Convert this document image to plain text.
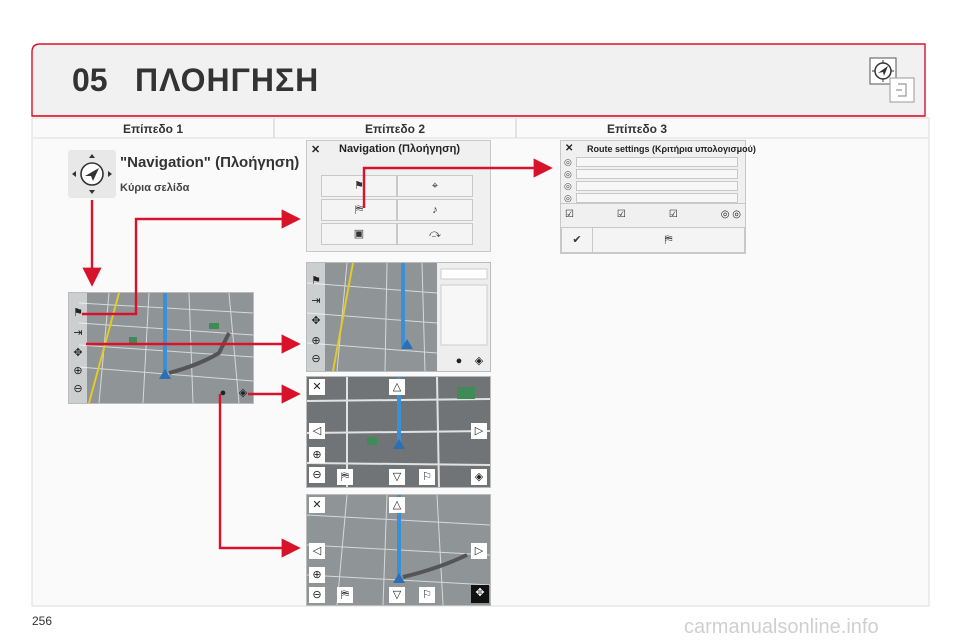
05 ΠΛΟΗΓΗΣΗ
Επίπεδο 1	Επίπεδο 2	Επίπεδο 3
"Navigation" (Πλοήγηση)
Κύρια σελίδα
⚑
⇥
✥
⊕
⊖	●	◈
✕ Navigation (Πλοήγηση)
⚑	⌖
⛿	♪
▣	⤼
✕ Route settings (Κριτήρια υπολογισμού)
☑	☑	☑	◎ ◎
✔	⛿
◎
◎
◎
◎
⚑
⇥
✥
⊕
⊖	●	◈
✕	△
◁	▷
⊕
⊖	⛿	▽	⚐	◈
✕	△
◁	▷
⊕
⊖	⛿	▽	⚐	✥
256	carmanualsonline.info
